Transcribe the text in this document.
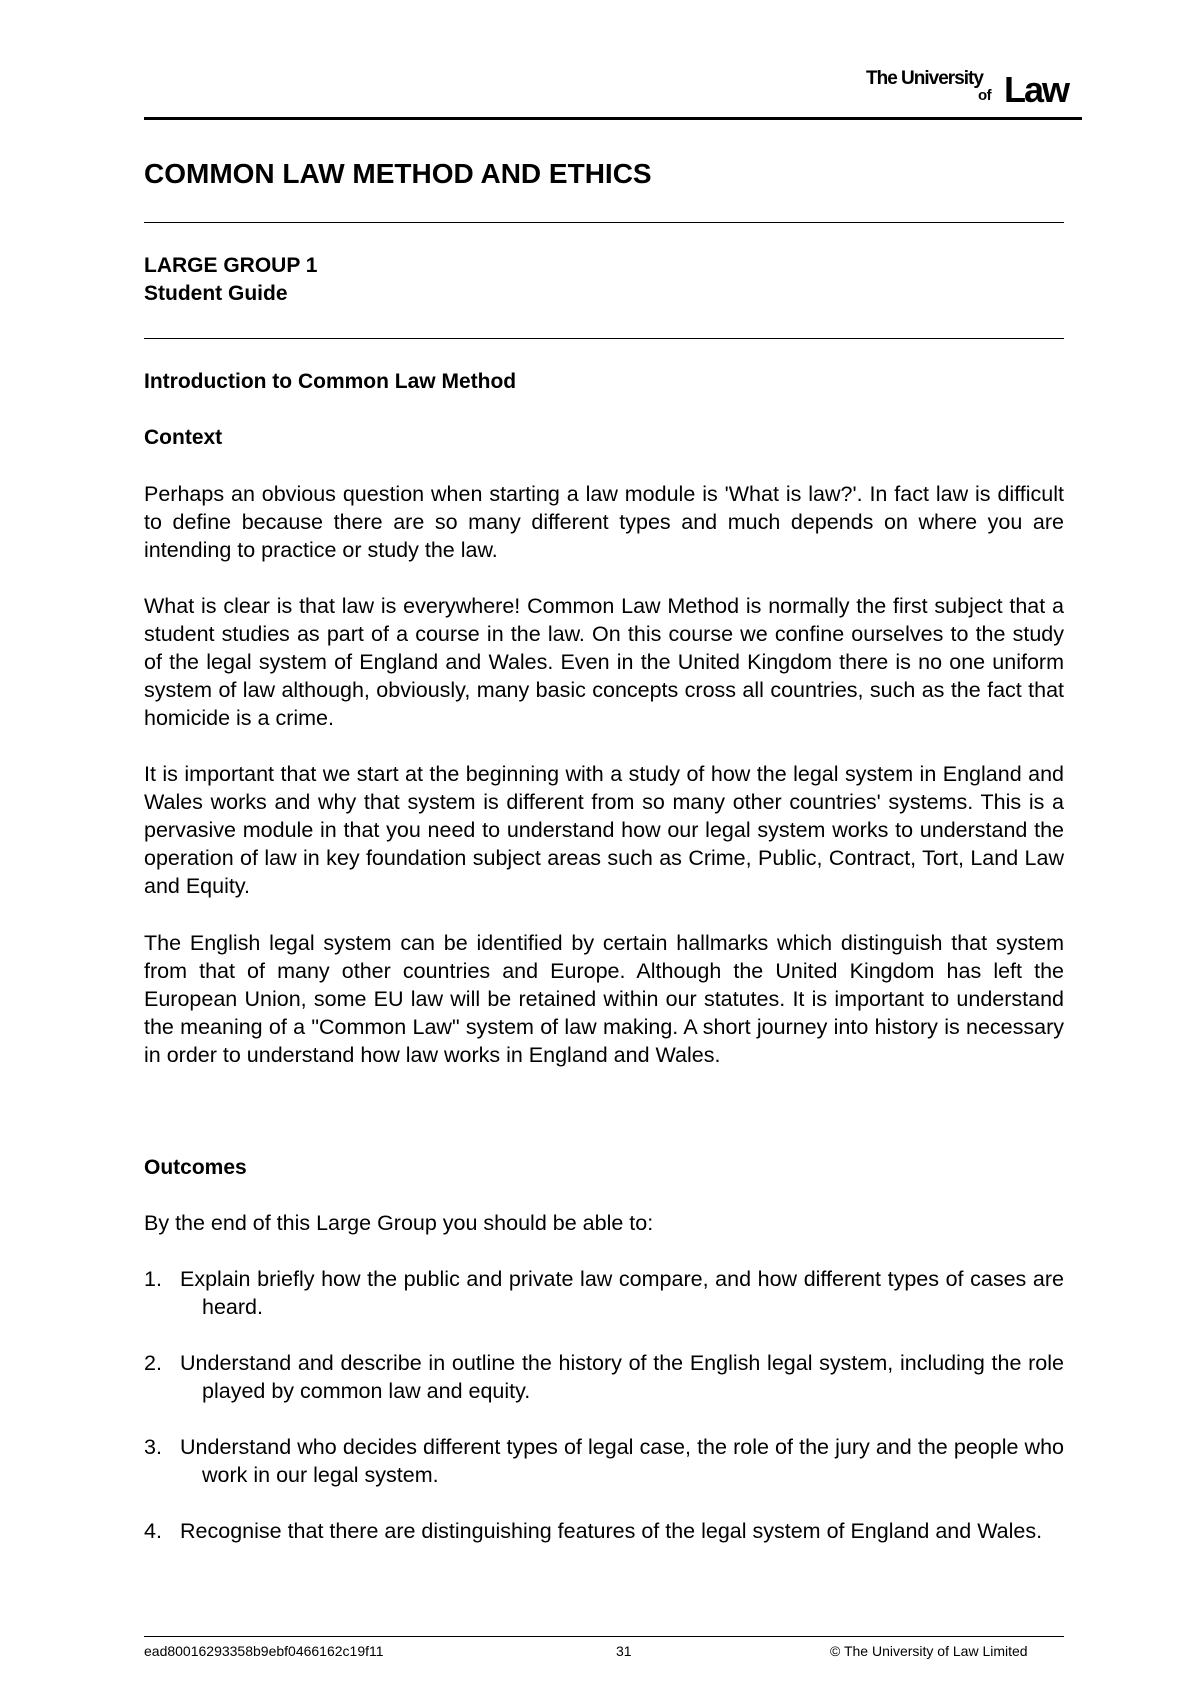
The University
of Law
COMMON LAW METHOD AND ETHICS
LARGE GROUP 1
Student Guide
Introduction to Common Law Method
Context

Perhaps an obvious question when starting a law module is 'What is law?'. In fact law is difficult to define because there are so many different types and much depends on where you are intending to practice or study the law.

What is clear is that law is everywhere! Common Law Method is normally the first subject that a student studies as part of a course in the law. On this course we confine ourselves to the study of the legal system of England and Wales. Even in the United Kingdom there is no one uniform system of law although, obviously, many basic concepts cross all countries, such as the fact that homicide is a crime.

It is important that we start at the beginning with a study of how the legal system in England and Wales works and why that system is different from so many other countries' systems. This is a pervasive module in that you need to understand how our legal system works to understand the operation of law in key foundation subject areas such as Crime, Public, Contract, Tort, Land Law and Equity.

The English legal system can be identified by certain hallmarks which distinguish that system from that of many other countries and Europe. Although the United Kingdom has left the European Union, some EU law will be retained within our statutes. It is important to understand the meaning of a "Common Law" system of law making. A short journey into history is necessary in order to understand how law works in England and Wales.

Outcomes

By the end of this Large Group you should be able to:

1. Explain briefly how the public and private law compare, and how different types of cases are heard.
2. Understand and describe in outline the history of the English legal system, including the role played by common law and equity.
3. Understand who decides different types of legal case, the role of the jury and the people who work in our legal system.
4. Recognise that there are distinguishing features of the legal system of England and Wales.
ead80016293358b9ebf0466162c19f11	31	© The University of Law Limited
